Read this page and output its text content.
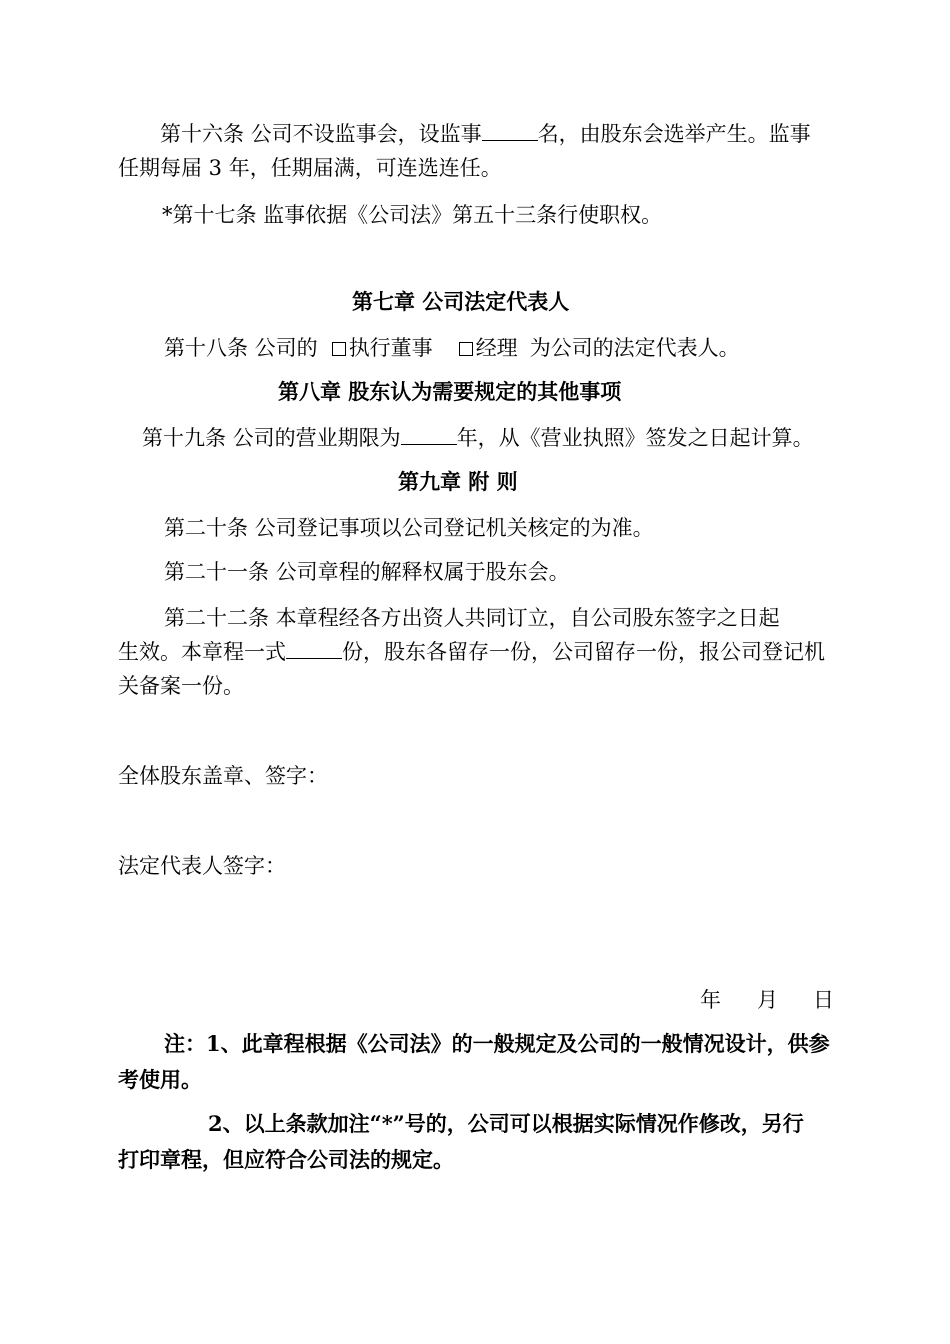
第十六条 公司不设监事会，设监事	名，由股东会选举产生。监事
任期每届 3 年，任期届满，可连选连任。
*第十七条 监事依据《公司法》第五十三条行使职权。
第七章 公司法定代表人
第十八条 公司的 执行董事 经理 为公司的法定代表人。
第八章 股东认为需要规定的其他事项
第十九条 公司的营业期限为	年，从《营业执照》签发之日起计算。
第九章 附 则
第二十条 公司登记事项以公司登记机关核定的为准。
第二十一条 公司章程的解释权属于股东会。
第二十二条 本章程经各方出资人共同订立，自公司股东签字之日起
生效。本章程一式	份，股东各留存一份，公司留存一份，报公司登记机
关备案一份。
全体股东盖章、签字：
法定代表人签字：
年 月 日
注：1、此章程根据《公司法》的一般规定及公司的一般情况设计，供参
考使用。
2、以上条款加注“*”号的，公司可以根据实际情况作修改，另行
打印章程，但应符合公司法的规定。
